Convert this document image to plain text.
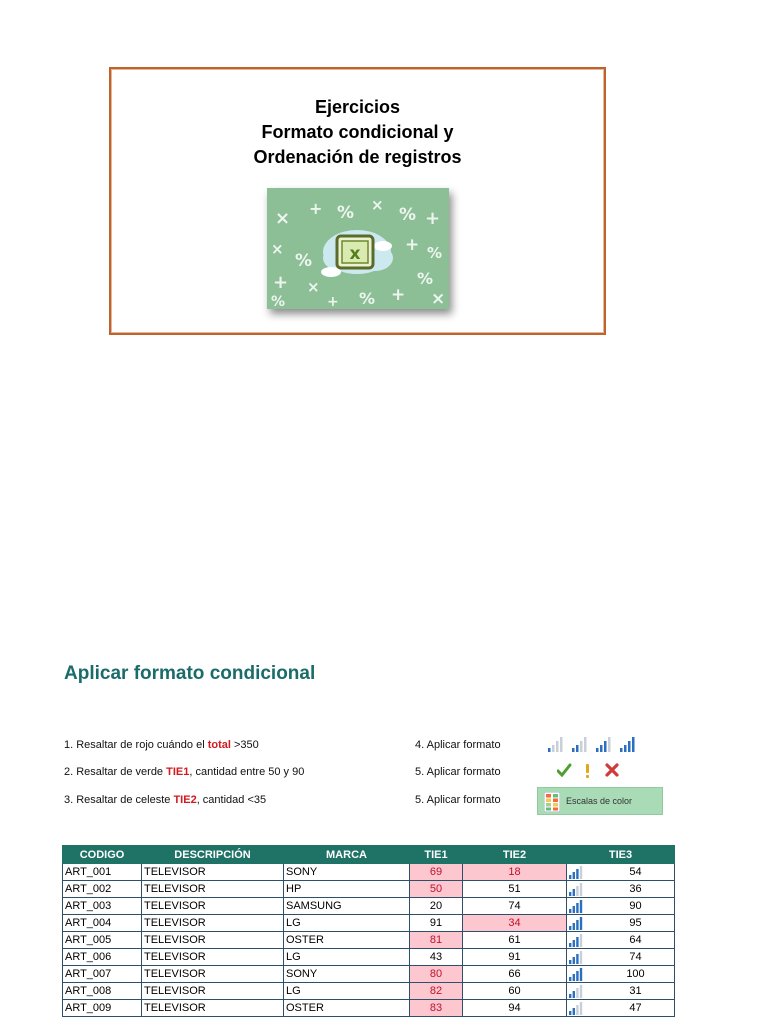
Ejercicios
Formato condicional y
Ordenación de registros
× + % × % +
×
%
+ %
+ ×
% +
%
×
%	+
x
Aplicar formato condicional
1. Resaltar de rojo cuándo el total >350
2. Resaltar de verde TIE1, cantidad entre 50 y 90
3. Resaltar de celeste TIE2, cantidad <35
4. Aplicar formato
5. Aplicar formato
5. Aplicar formato	Escalas de color
CODIGO	DESCRIPCIÓN	MARCA	TIE1	TIE2	TIE3	
ART_001	TELEVISOR	SONY	69	18		54
ART_002	TELEVISOR	HP	50	51		36
ART_003	TELEVISOR	SAMSUNG	20	74		90
ART_004	TELEVISOR	LG	91	34		95
ART_005	TELEVISOR	OSTER	81	61		64
ART_006	TELEVISOR	LG	43	91		74
ART_007	TELEVISOR	SONY	80	66		100
ART_008	TELEVISOR	LG	82	60		31
ART_009	TELEVISOR	OSTER	83	94		47
